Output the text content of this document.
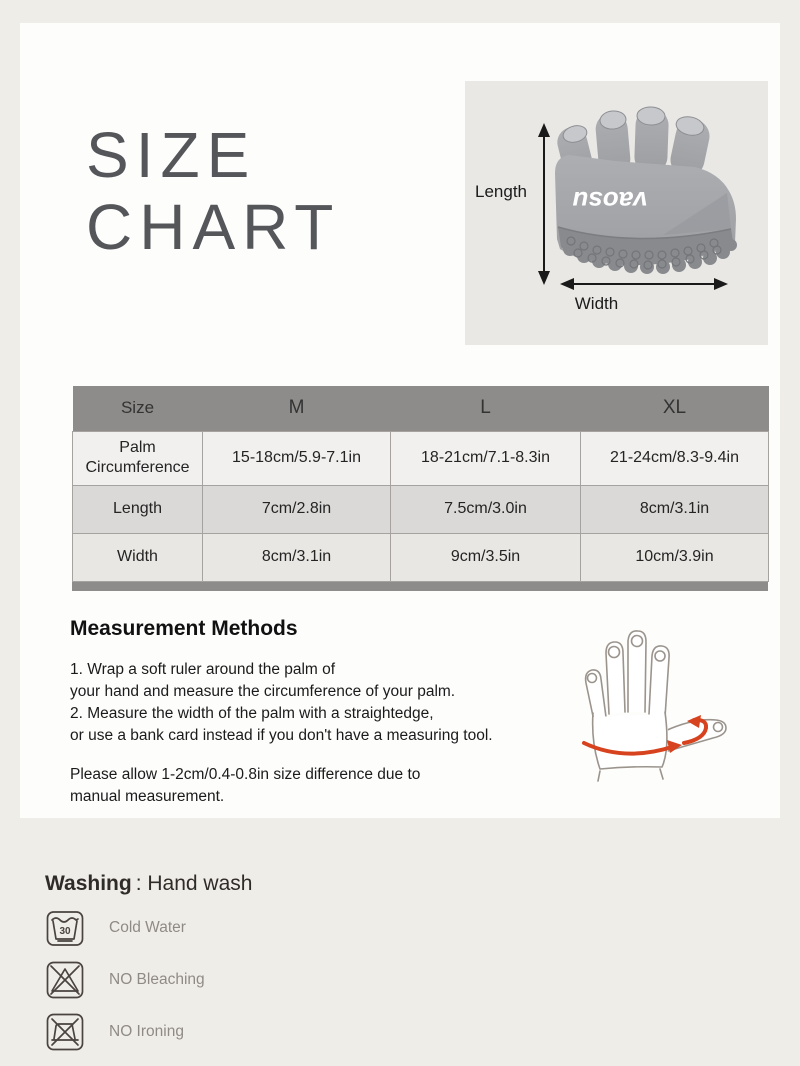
SIZE
CHART	vaosu
Length
Width
Size	M	L	XL
Palm Circumference	15-18cm/5.9-7.1in	18-21cm/7.1-8.3in	21-24cm/8.3-9.4in
Length	7cm/2.8in	7.5cm/3.0in	8cm/3.1in
Width	8cm/3.1in	9cm/3.5in	10cm/3.9in
Measurement Methods
1. Wrap a soft ruler around the palm of
your hand and measure the circumference of your palm.
2. Measure the width of the palm with a straightedge,
or use a bank card instead if you don't have a measuring tool.
Please allow 1-2cm/0.4-0.8in size difference due to
manual measurement.
Washing : Hand wash
30 Cold Water
NO Bleaching
NO Ironing
